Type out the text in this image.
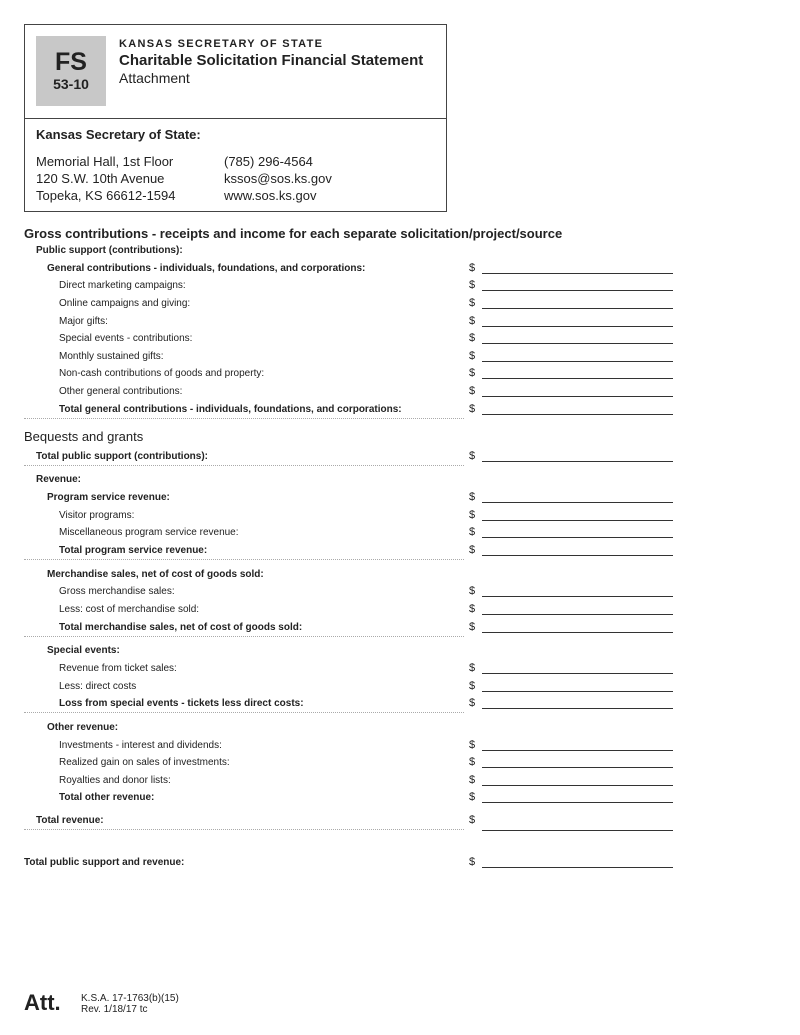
FS
53-10
KANSAS SECRETARY OF STATE
Charitable Solicitation Financial Statement
Attachment
Kansas Secretary of State:
Memorial Hall, 1st Floor
120 S.W. 10th Avenue
Topeka, KS 66612-1594
(785) 296-4564
kssos@sos.ks.gov
www.sos.ks.gov
Gross contributions - receipts and income for each separate solicitation/project/source
Bequests and grants
Public support (contributions):
General contributions - individuals, foundations, and corporations:	$
Direct marketing campaigns:	$
Online campaigns and giving:	$
Major gifts:	$
Special events - contributions:	$
Monthly sustained gifts:	$
Non-cash contributions of goods and property:	$
Other general contributions:	$
Total general contributions - individuals, foundations, and corporations:	$
Total public support (contributions):	$
Revenue:
Program service revenue:	$
Visitor programs:	$
Miscellaneous program service revenue:	$
Total program service revenue:	$
Merchandise sales, net of cost of goods sold:
Gross merchandise sales:	$
Less: cost of merchandise sold:	$
Total merchandise sales, net of cost of goods sold:	$
Special events:
Revenue from ticket sales:	$
Less: direct costs	$
Loss from special events - tickets less direct costs:	$
Other revenue:
Investments - interest and dividends:	$
Realized gain on sales of investments:	$
Royalties and donor lists:	$
Total other revenue:	$
Total revenue:	$
Total public support and revenue:	$
Att. K.S.A. 17-1763(b)(15)
Rev. 1/18/17 tc
